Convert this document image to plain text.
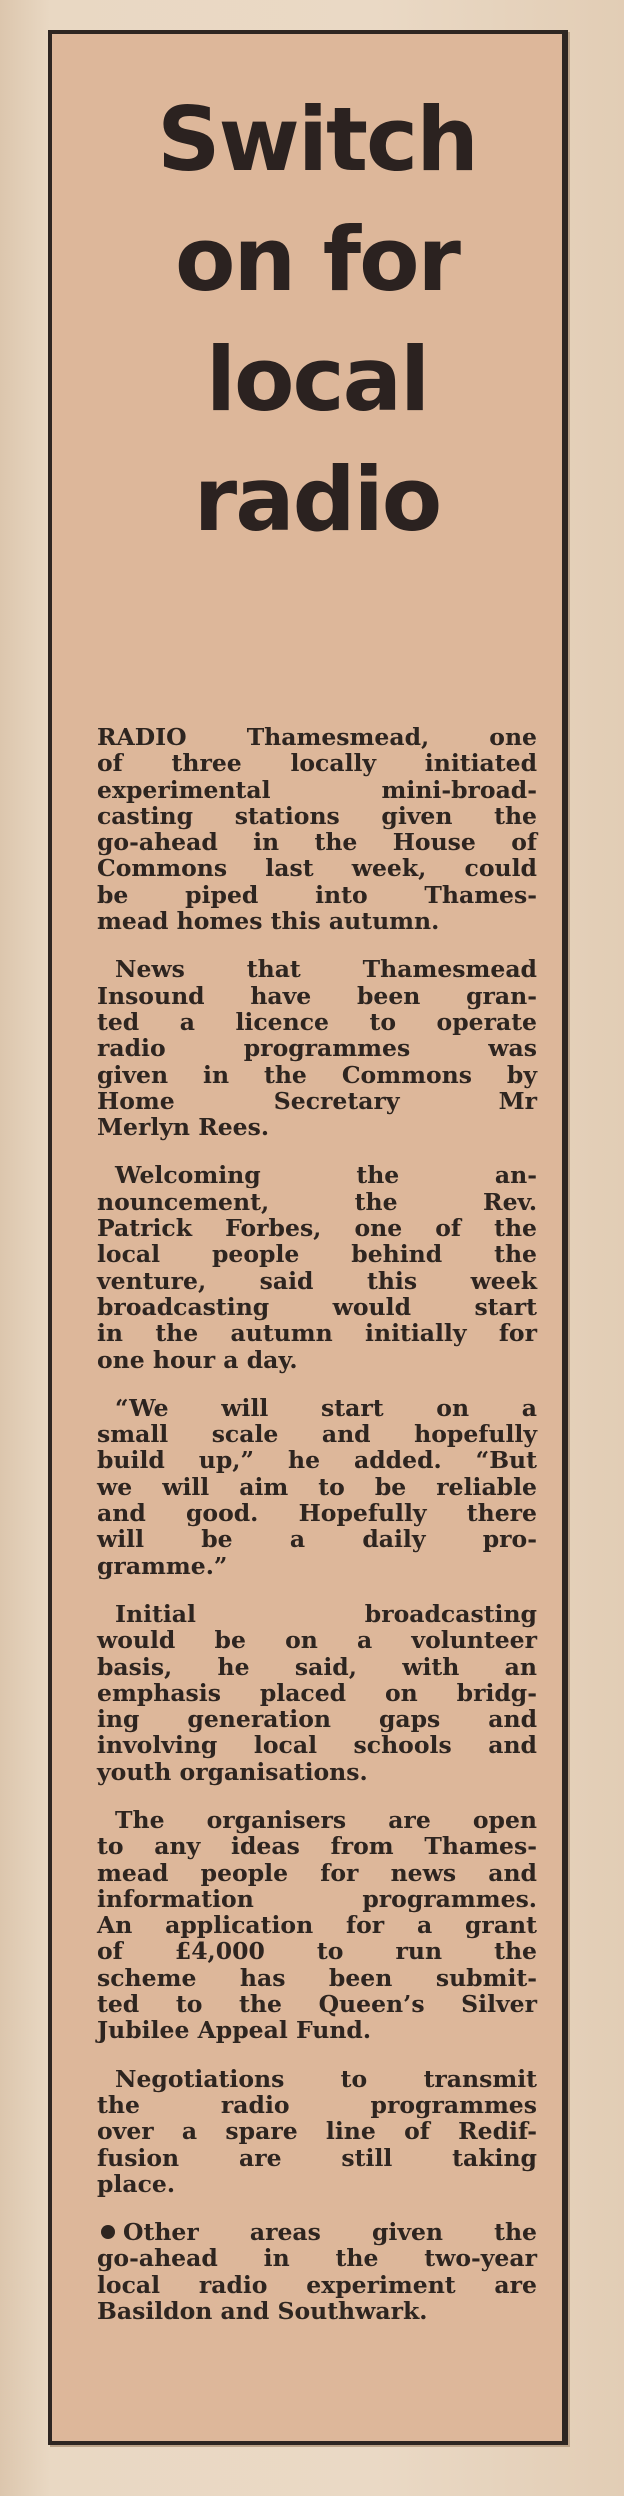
Switch
on for
local
radio
RADIO Thamesmead, one
of three locally initiated
experimental mini-broad-
casting stations given the
go-ahead in the House of
Commons last week, could
be piped into Thames-
mead homes this autumn.
News that Thamesmead
Insound have been gran-
ted a licence to operate
radio programmes was
given in the Commons by
Home Secretary Mr
Merlyn Rees.
Welcoming the an-
nouncement, the Rev.
Patrick Forbes, one of the
local people behind the
venture, said this week
broadcasting would start
in the autumn initially for
one hour a day.
“We will start on a
small scale and hopefully
build up,” he added. “But
we will aim to be reliable
and good. Hopefully there
will be a daily pro-
gramme.”
Initial broadcasting
would be on a volunteer
basis, he said, with an
emphasis placed on bridg-
ing generation gaps and
involving local schools and
youth organisations.
The organisers are open
to any ideas from Thames-
mead people for news and
information programmes.
An application for a grant
of £4,000 to run the
scheme has been submit-
ted to the Queen’s Silver
Jubilee Appeal Fund.
Negotiations to transmit
the radio programmes
over a spare line of Redif-
fusion are still taking
place.
Other areas given the
go-ahead in the two-year
local radio experiment are
Basildon and Southwark.
